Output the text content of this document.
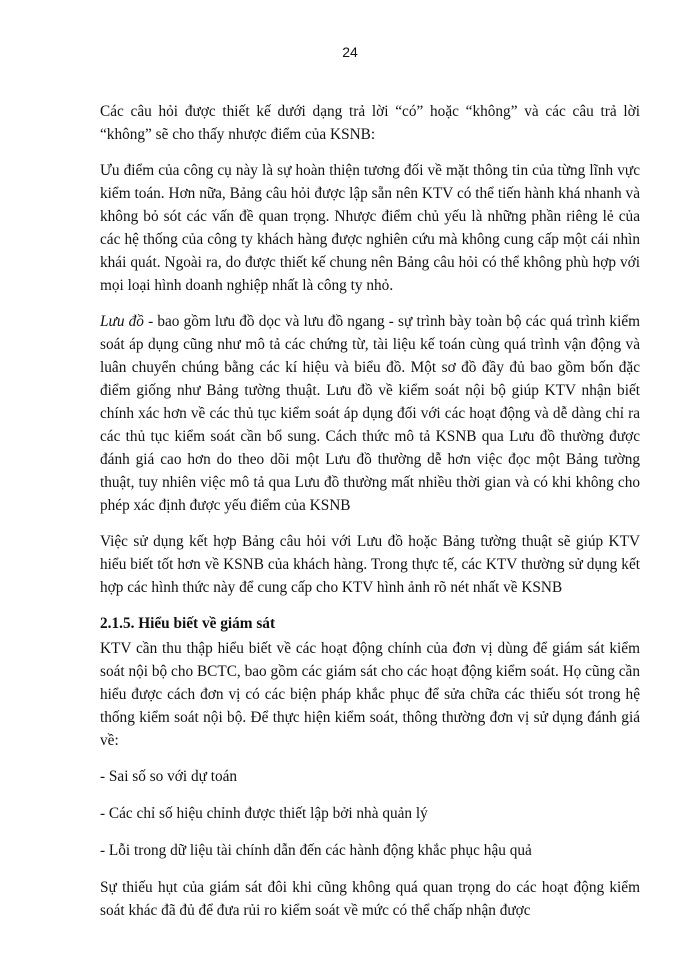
24

Các câu hỏi được thiết kế dưới dạng trả lời “có” hoặc “không” và các câu trả lời “không” sẽ cho thấy nhược điểm của KSNB:

Ưu điểm của công cụ này là sự hoàn thiện tương đối về mặt thông tin của từng lĩnh vực kiểm toán. Hơn nữa, Bảng câu hỏi được lập sẵn nên KTV có thể tiến hành khá nhanh và không bỏ sót các vấn đề quan trọng. Nhược điểm chủ yếu là những phần riêng lẻ của các hệ thống của công ty khách hàng được nghiên cứu mà không cung cấp một cái nhìn khái quát. Ngoài ra, do được thiết kế chung nên Bảng câu hỏi có thể không phù hợp với mọi loại hình doanh nghiệp nhất là công ty nhỏ.

Lưu đồ - bao gồm lưu đồ dọc và lưu đồ ngang - sự trình bày toàn bộ các quá trình kiểm soát áp dụng cũng như mô tả các chứng từ, tài liệu kế toán cùng quá trình vận động và luân chuyển chúng bằng các kí hiệu và biểu đồ. Một sơ đồ đầy đủ bao gồm bốn đặc điểm giống như Bảng tường thuật. Lưu đồ về kiểm soát nội bộ giúp KTV nhận biết chính xác hơn về các thủ tục kiểm soát áp dụng đối với các hoạt động và dễ dàng chỉ ra các thủ tục kiểm soát cần bổ sung. Cách thức mô tả KSNB qua Lưu đồ thường được đánh giá cao hơn do theo dõi một Lưu đồ thường dễ hơn việc đọc một Bảng tường thuật, tuy nhiên việc mô tả qua Lưu đồ thường mất nhiều thời gian và có khi không cho phép xác định được yếu điểm của KSNB

Việc sử dụng kết hợp Bảng câu hỏi với Lưu đồ hoặc Bảng tường thuật sẽ giúp KTV hiểu biết tốt hơn về KSNB của khách hàng. Trong thực tế, các KTV thường sử dụng kết hợp các hình thức này để cung cấp cho KTV hình ảnh rõ nét nhất về KSNB

2.1.5. Hiểu biết về giám sát

KTV cần thu thập hiểu biết về các hoạt động chính của đơn vị dùng để giám sát kiểm soát nội bộ cho BCTC, bao gồm các giám sát cho các hoạt động kiểm soát. Họ cũng cần hiểu được cách đơn vị có các biện pháp khắc phục để sửa chữa các thiếu sót trong hệ thống kiểm soát nội bộ. Để thực hiện kiểm soát, thông thường đơn vị sử dụng đánh giá về:

- Sai số so với dự toán

- Các chỉ số hiệu chỉnh được thiết lập bởi nhà quản lý

- Lỗi trong dữ liệu tài chính dẫn đến các hành động khắc phục hậu quả

Sự thiếu hụt của giám sát đôi khi cũng không quá quan trọng do các hoạt động kiểm soát khác đã đủ để đưa rủi ro kiểm soát về mức có thể chấp nhận được
